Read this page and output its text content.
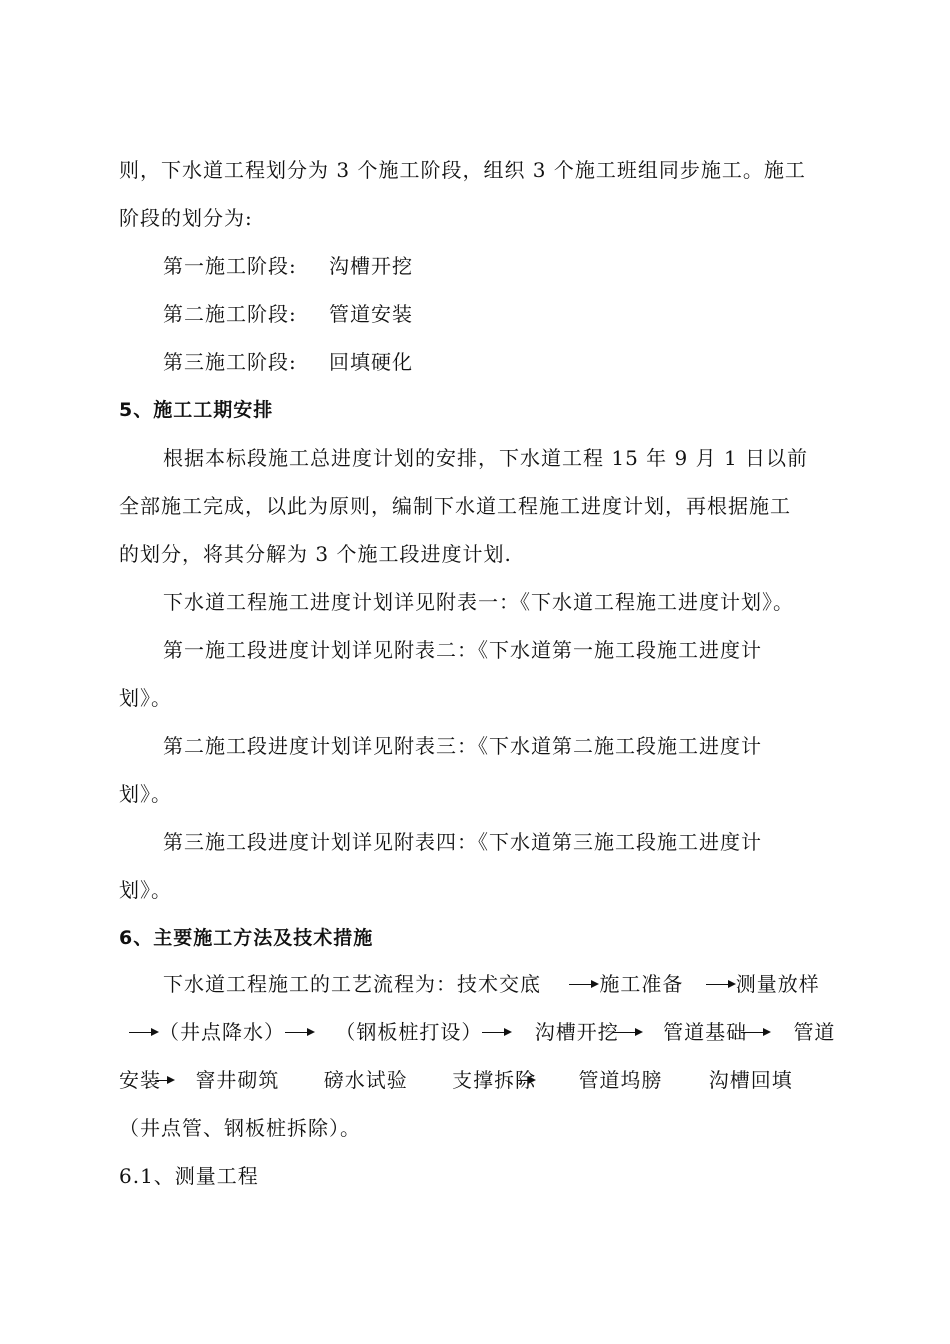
则，下水道工程划分为 3 个施工阶段，组织 3 个施工班组同步施工。施工
阶段的划分为:
第一施工阶段: 沟槽开挖
第二施工阶段: 管道安装
第三施工阶段: 回填硬化
5、施工工期安排
根据本标段施工总进度计划的安排，下水道工程 15 年 9 月 1 日以前
全部施工完成，以此为原则，编制下水道工程施工进度计划，再根据施工
的划分，将其分解为 3 个施工段进度计划.
下水道工程施工进度计划详见附表一：《下水道工程施工进度计划》。
第一施工段进度计划详见附表二：《下水道第一施工段施工进度计
划》。
第二施工段进度计划详见附表三：《下水道第二施工段施工进度计
划》。
第三施工段进度计划详见附表四：《下水道第三施工段施工进度计
划》。
6、主要施工方法及技术措施
下水道工程施工的工艺流程为：技术交底	施工准备	测量放样
（井点降水）	（钢板桩打设）	沟槽开挖 管道基础 管道
安装 窨井砌筑 磅水试验 支撑拆除 管道坞膀 沟槽回填
（井点管、钢板桩拆除）。
6.1、测量工程
